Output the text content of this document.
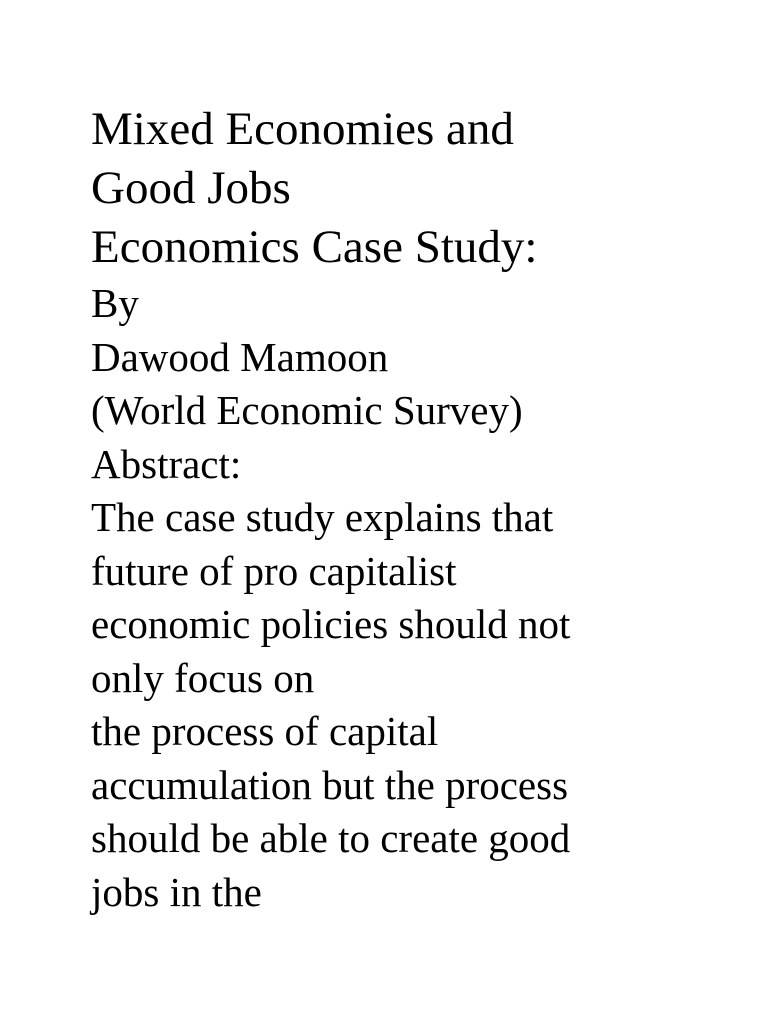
Mixed Economies and
Good Jobs
Economics Case Study:
By
Dawood Mamoon
(World Economic Survey)
Abstract:
The case study explains that
future of pro capitalist
economic policies should not
only focus on
the process of capital
accumulation but the process
should be able to create good
jobs in the
